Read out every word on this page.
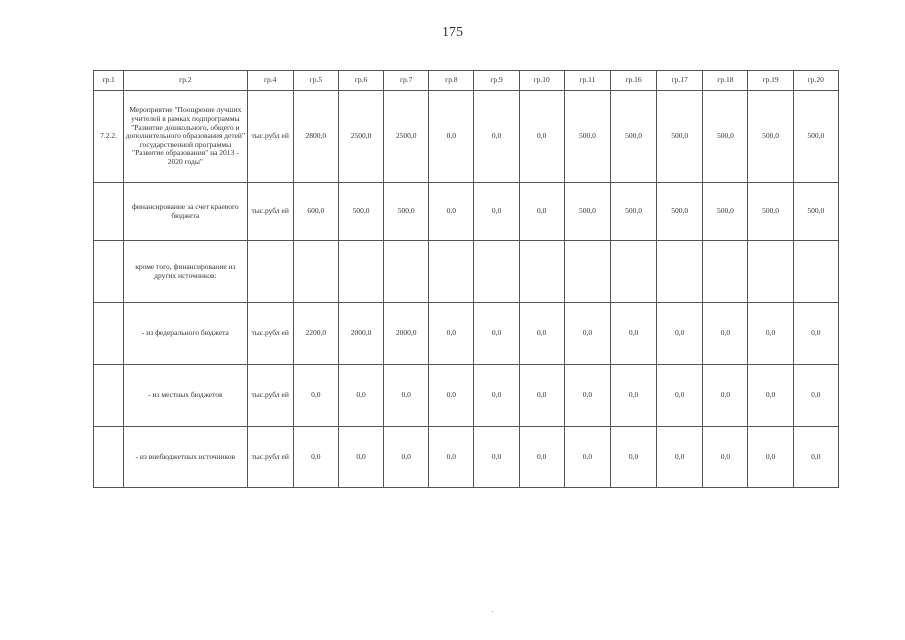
175
гр.1	гр.2	гр.4	гр.5	гр.6	гр.7	гр.8	гр.9	гр.10	гр.11	гр.16	гр.17	гр.18	гр.19	гр.20
7.2.2.	Мероприятие "Поощрение лучших учителей в рамках подпрограммы "Развитие дошкольного, общего и дополнительного образования детей" государственной программы "Развитие образования" на 2013 - 2020 годы"	тыс.рубл ей	2800,0	2500,0	2500,0	0,0	0,0	0,0	500,0	500,0	500,0	500,0	500,0	500,0
	финансирование за счет краевого бюджета	тыс.рубл ей	600,0	500,0	500,0	0,0	0,0	0,0	500,0	500,0	500,0	500,0	500,0	500,0
	кроме того, финансирование из других источников:													
	- из федерального бюджета	тыс.рубл ей	2200,0	2000,0	2000,0	0,0	0,0	0,0	0,0	0,0	0,0	0,0	0,0	0,0
	- из местных бюджетов	тыс.рубл ей	0,0	0,0	0,0	0,0	0,0	0,0	0,0	0,0	0,0	0,0	0,0	0,0
	- из внебюджетных источников	тыс.рубл ей	0,0	0,0	0,0	0,0	0,0	0,0	0,0	0,0	0,0	0,0	0,0	0,0
